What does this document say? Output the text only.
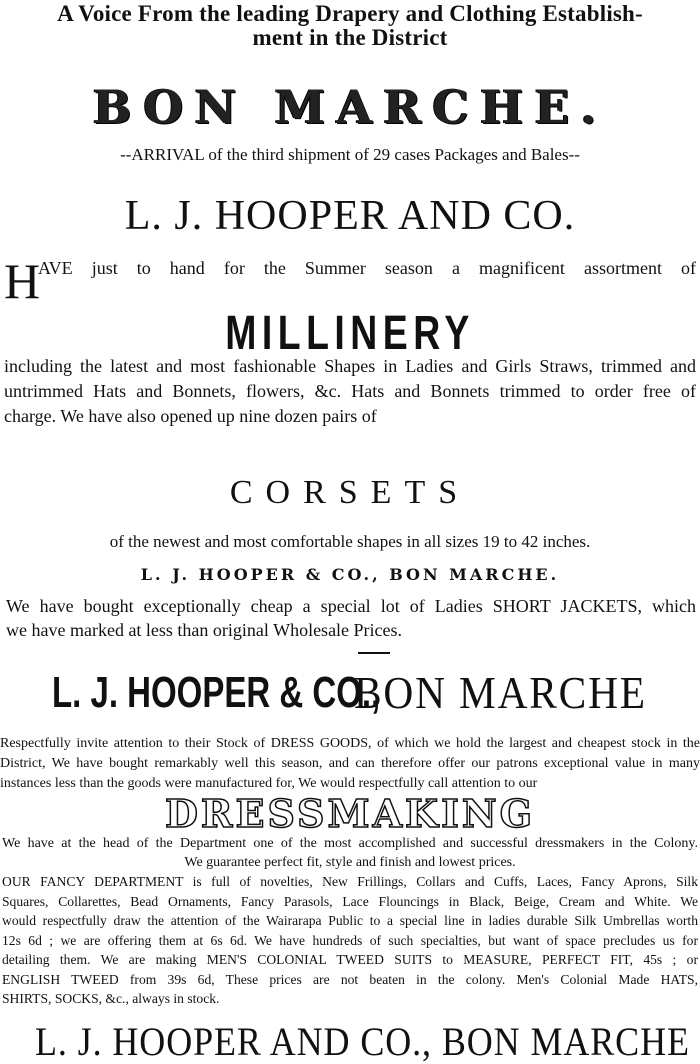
A Voice From the leading Drapery and Clothing Establish-
ment in the District
BON MARCHE.
--ARRIVAL of the third shipment of 29 cases Packages and Bales--
L. J. HOOPER AND CO.
H
AVE just to hand for the Summer season a magnificent assortment of
MILLINERY
including the latest and most fashionable Shapes in Ladies and Girls Straws, trimmed and
untrimmed Hats and Bonnets, flowers, &c. Hats and Bonnets trimmed to order free of
charge. We have also opened up nine dozen pairs of
CORSETS
of the newest and most comfortable shapes in all sizes 19 to 42 inches.
L. J. HOOPER & CO., BON MARCHE.
We have bought exceptionally cheap a special lot of Ladies SHORT JACKETS, which
we have marked at less than original Wholesale Prices.
L. J. HOOPER & CO.,
BON MARCHE
Respectfully invite attention to their Stock of DRESS GOODS, of which we hold the largest and cheapest stock in the
District, We have bought remarkably well this season, and can therefore offer our patrons exceptional value in many
instances less than the goods were manufactured for, We would respectfully call attention to our
DRESSMAKING
We have at the head of the Department one of the most accomplished and successful dressmakers in the Colony.
We guarantee perfect fit, style and finish and lowest prices.
OUR FANCY DEPARTMENT is full of novelties, New Frillings, Collars and Cuffs, Laces, Fancy Aprons, Silk
Squares, Collarettes, Bead Ornaments, Fancy Parasols, Lace Flouncings in Black, Beige, Cream and White. We
would respectfully draw the attention of the Wairarapa Public to a special line in ladies durable Silk Umbrellas worth
12s 6d ; we are offering them at 6s 6d. We have hundreds of such specialties, but want of space precludes us for
detailing them. We are making MEN'S COLONIAL TWEED SUITS to MEASURE, PERFECT FIT, 45s ; or
ENGLISH TWEED from 39s 6d, These prices are not beaten in the colony. Men's Colonial Made HATS,
SHIRTS, SOCKS, &c., always in stock.
L. J. HOOPER AND CO., BON MARCHE
